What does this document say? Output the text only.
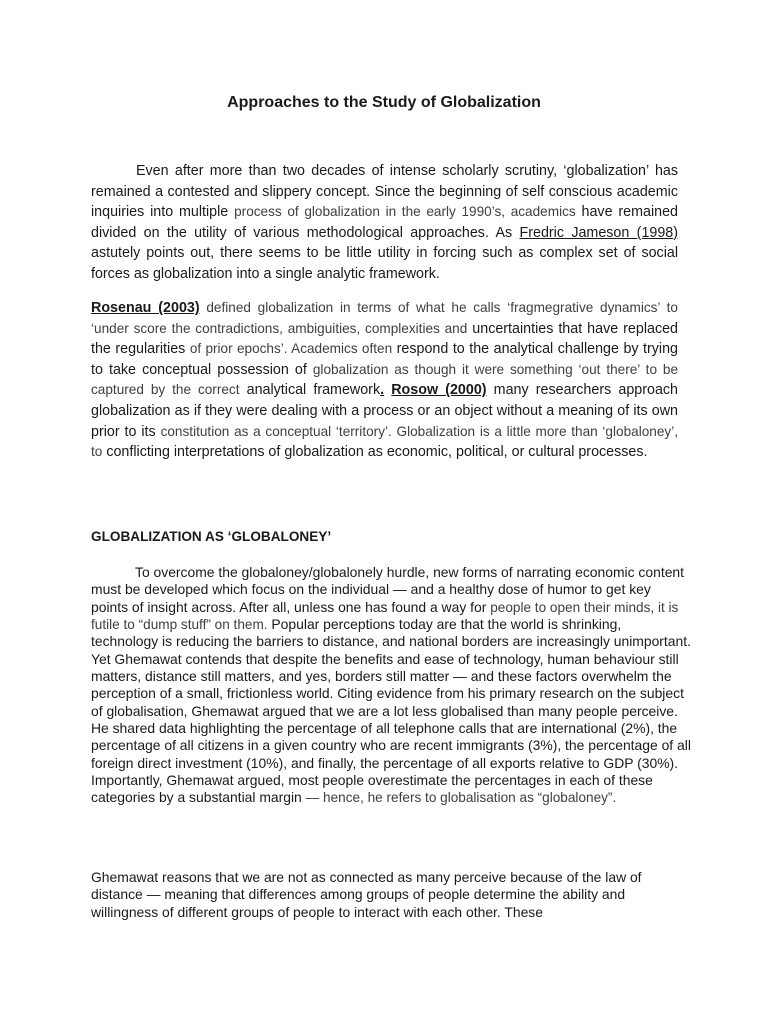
Approaches to the Study of Globalization
Even after more than two decades of intense scholarly scrutiny, ‘globalization’ has remained a contested and slippery concept. Since the beginning of self conscious academic inquiries into multiple process of globalization in the early 1990’s, academics have remained divided on the utility of various methodological approaches. As Fredric Jameson (1998) astutely points out, there seems to be little utility in forcing such as complex set of social forces as globalization into a single analytic framework.
Rosenau (2003) defined globalization in terms of what he calls ‘fragmegrative dynamics’ to ‘under score the contradictions, ambiguities, complexities and uncertainties that have replaced the regularities of prior epochs’. Academics often respond to the analytical challenge by trying to take conceptual possession of globalization as though it were something ‘out there’ to be captured by the correct analytical framework. Rosow (2000) many researchers approach globalization as if they were dealing with a process or an object without a meaning of its own prior to its constitution as a conceptual ‘territory’. Globalization is a little more than ‘globaloney’, to conflicting interpretations of globalization as economic, political, or cultural processes.
GLOBALIZATION AS ‘GLOBALONEY’
To overcome the globaloney/globalonely hurdle, new forms of narrating economic content must be developed which focus on the individual — and a healthy dose of humor to get key points of insight across. After all, unless one has found a way for people to open their minds, it is futile to “dump stuff” on them. Popular perceptions today are that the world is shrinking, technology is reducing the barriers to distance, and national borders are increasingly unimportant. Yet Ghemawat contends that despite the benefits and ease of technology, human behaviour still matters, distance still matters, and yes, borders still matter — and these factors overwhelm the perception of a small, frictionless world. Citing evidence from his primary research on the subject of globalisation, Ghemawat argued that we are a lot less globalised than many people perceive. He shared data highlighting the percentage of all telephone calls that are international (2%), the percentage of all citizens in a given country who are recent immigrants (3%), the percentage of all foreign direct investment (10%), and finally, the percentage of all exports relative to GDP (30%). Importantly, Ghemawat argued, most people overestimate the percentages in each of these categories by a substantial margin — hence, he refers to globalisation as “globaloney”.
Ghemawat reasons that we are not as connected as many perceive because of the law of distance — meaning that differences among groups of people determine the ability and willingness of different groups of people to interact with each other. These
